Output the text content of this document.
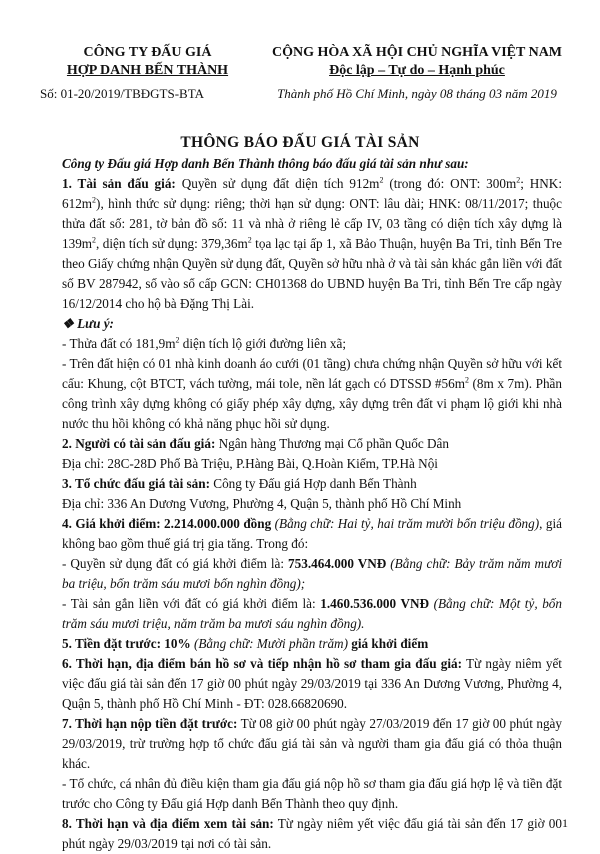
CÔNG TY ĐẤU GIÁ
HỢP DANH BẾN THÀNH
Số: 01-20/2019/TBĐGTS-BTA
CỘNG HÒA XÃ HỘI CHỦ NGHĨA VIỆT NAM
Độc lập – Tự do – Hạnh phúc
Thành phố Hồ Chí Minh, ngày 08 tháng 03 năm 2019
THÔNG BÁO ĐẤU GIÁ TÀI SẢN

Công ty Đấu giá Hợp danh Bến Thành thông báo đấu giá tài sản như sau:

1. Tài sản đấu giá: Quyền sử dụng đất diện tích $912m^2$ (trong đó: ONT: $300m^2$; HNK: $612m^2$), hình thức sử dụng: riêng; thời hạn sử dụng: ONT: lâu dài; HNK: 08/11/2017; thuộc thửa đất số: 281, tờ bản đồ số: 11 và nhà ở riêng lẻ cấp IV, 03 tầng có diện tích xây dựng là $139m^2$, diện tích sử dụng: $379,36m^2$ tọa lạc tại ấp 1, xã Bảo Thuận, huyện Ba Tri, tỉnh Bến Tre theo Giấy chứng nhận Quyền sử dụng đất, Quyền sở hữu nhà ở và tài sản khác gắn liền với đất số BV 287942, số vào sổ cấp GCN: CH01368 do UBND huyện Ba Tri, tỉnh Bến Tre cấp ngày 16/12/2014 cho hộ bà Đặng Thị Lài.

❖ Lưu ý:

- Thửa đất có $181,9m^2$ diện tích lộ giới đường liên xã;

- Trên đất hiện có 01 nhà kinh doanh áo cưới (01 tầng) chưa chứng nhận Quyền sở hữu với kết cấu: Khung, cột BTCT, vách tường, mái tole, nền lát gạch có DTSSD $\#56m^2$ (8m x 7m). Phần công trình xây dựng không có giấy phép xây dựng, xây dựng trên đất vi phạm lộ giới khi nhà nước thu hồi không có khả năng phục hồi sử dụng.

2. Người có tài sản đấu giá: Ngân hàng Thương mại Cổ phần Quốc Dân

Địa chỉ: 28C-28D Phố Bà Triệu, P.Hàng Bài, Q.Hoàn Kiếm, TP.Hà Nội

3. Tổ chức đấu giá tài sản: Công ty Đấu giá Hợp danh Bến Thành

Địa chỉ: 336 An Dương Vương, Phường 4, Quận 5, thành phố Hồ Chí Minh

4. Giá khởi điểm: 2.214.000.000 đồng (Bằng chữ: Hai tỷ, hai trăm mười bốn triệu đồng), giá không bao gồm thuế giá trị gia tăng. Trong đó:

- Quyền sử dụng đất có giá khởi điểm là: 753.464.000 VNĐ (Bằng chữ: Bảy trăm năm mươi ba triệu, bốn trăm sáu mươi bốn nghìn đồng);

- Tài sản gắn liền với đất có giá khởi điểm là: 1.460.536.000 VNĐ (Bằng chữ: Một tỷ, bốn trăm sáu mươi triệu, năm trăm ba mươi sáu nghìn đồng).

5. Tiền đặt trước: 10% (Bằng chữ: Mười phần trăm) giá khởi điểm

6. Thời hạn, địa điểm bán hồ sơ và tiếp nhận hồ sơ tham gia đấu giá: Từ ngày niêm yết việc đấu giá tài sản đến 17 giờ 00 phút ngày 29/03/2019 tại 336 An Dương Vương, Phường 4, Quận 5, thành phố Hồ Chí Minh - ĐT: 028.66820690.

7. Thời hạn nộp tiền đặt trước: Từ 08 giờ 00 phút ngày 27/03/2019 đến 17 giờ 00 phút ngày 29/03/2019, trừ trường hợp tổ chức đấu giá tài sản và người tham gia đấu giá có thỏa thuận khác.

- Tổ chức, cá nhân đủ điều kiện tham gia đấu giá nộp hồ sơ tham gia đấu giá hợp lệ và tiền đặt trước cho Công ty Đấu giá Hợp danh Bến Thành theo quy định.

8. Thời hạn và địa điểm xem tài sản: Từ ngày niêm yết việc đấu giá tài sản đến 17 giờ 00 phút ngày 29/03/2019 tại nơi có tài sản.

1
